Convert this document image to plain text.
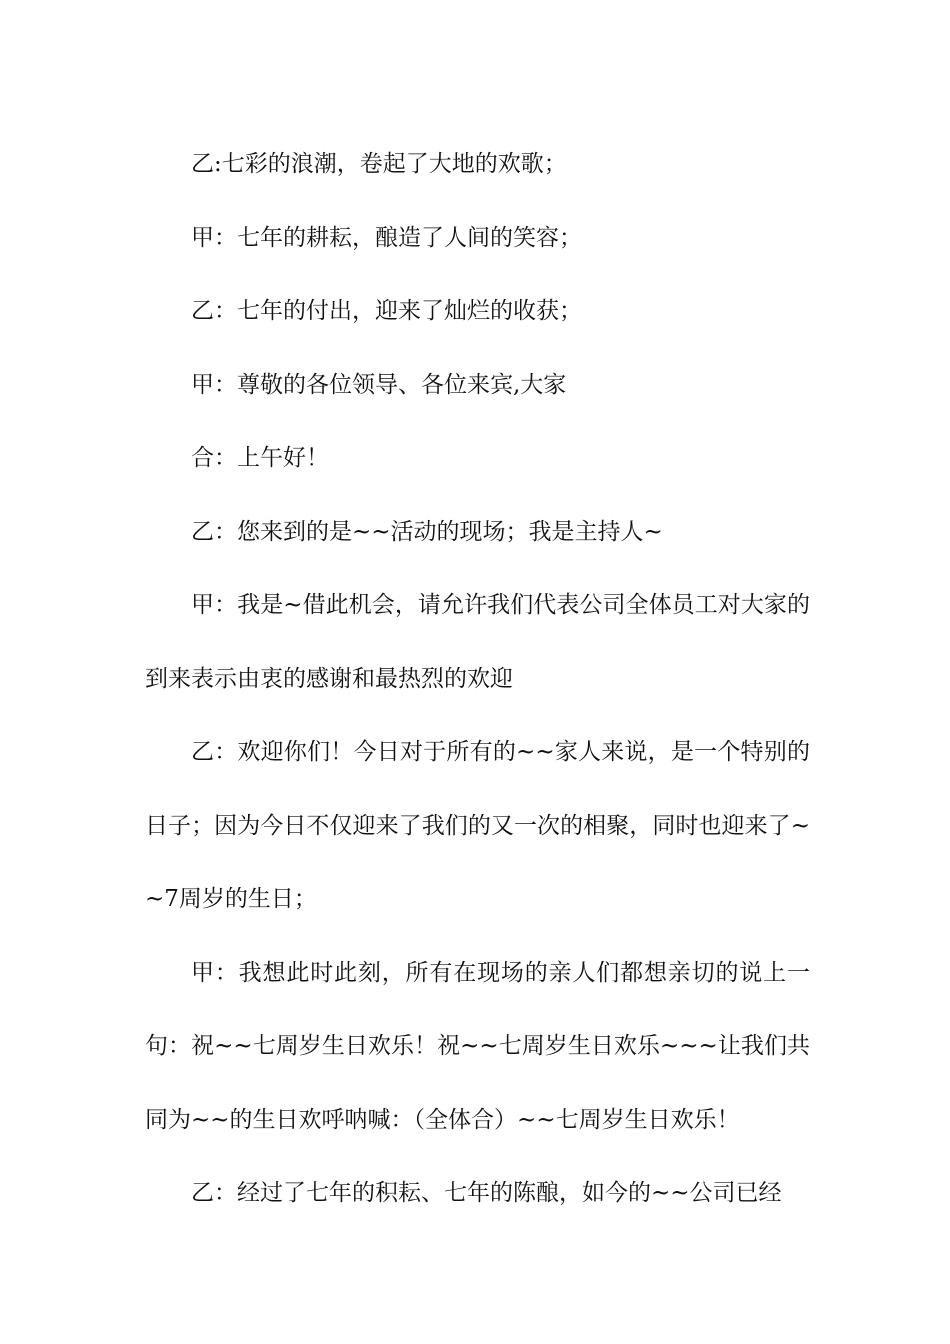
乙:七彩的浪潮，卷起了大地的欢歌；

甲：七年的耕耘，酿造了人间的笑容；

乙：七年的付出，迎来了灿烂的收获；

甲：尊敬的各位领导、各位来宾,大家

合：上午好！

乙：您来到的是~~活动的现场；我是主持人~

甲：我是~借此机会，请允许我们代表公司全体员工对大家的到来表示由衷的感谢和最热烈的欢迎

乙：欢迎你们！今日对于所有的~~家人来说，是一个特别的日子；因为今日不仅迎来了我们的又一次的相聚，同时也迎来了~~7周岁的生日；

甲：我想此时此刻，所有在现场的亲人们都想亲切的说上一句：祝~~七周岁生日欢乐！祝~~七周岁生日欢乐~~~让我们共同为~~的生日欢呼呐喊：（全体合）~~七周岁生日欢乐！

乙：经过了七年的积耘、七年的陈酿，如今的~~公司已经
